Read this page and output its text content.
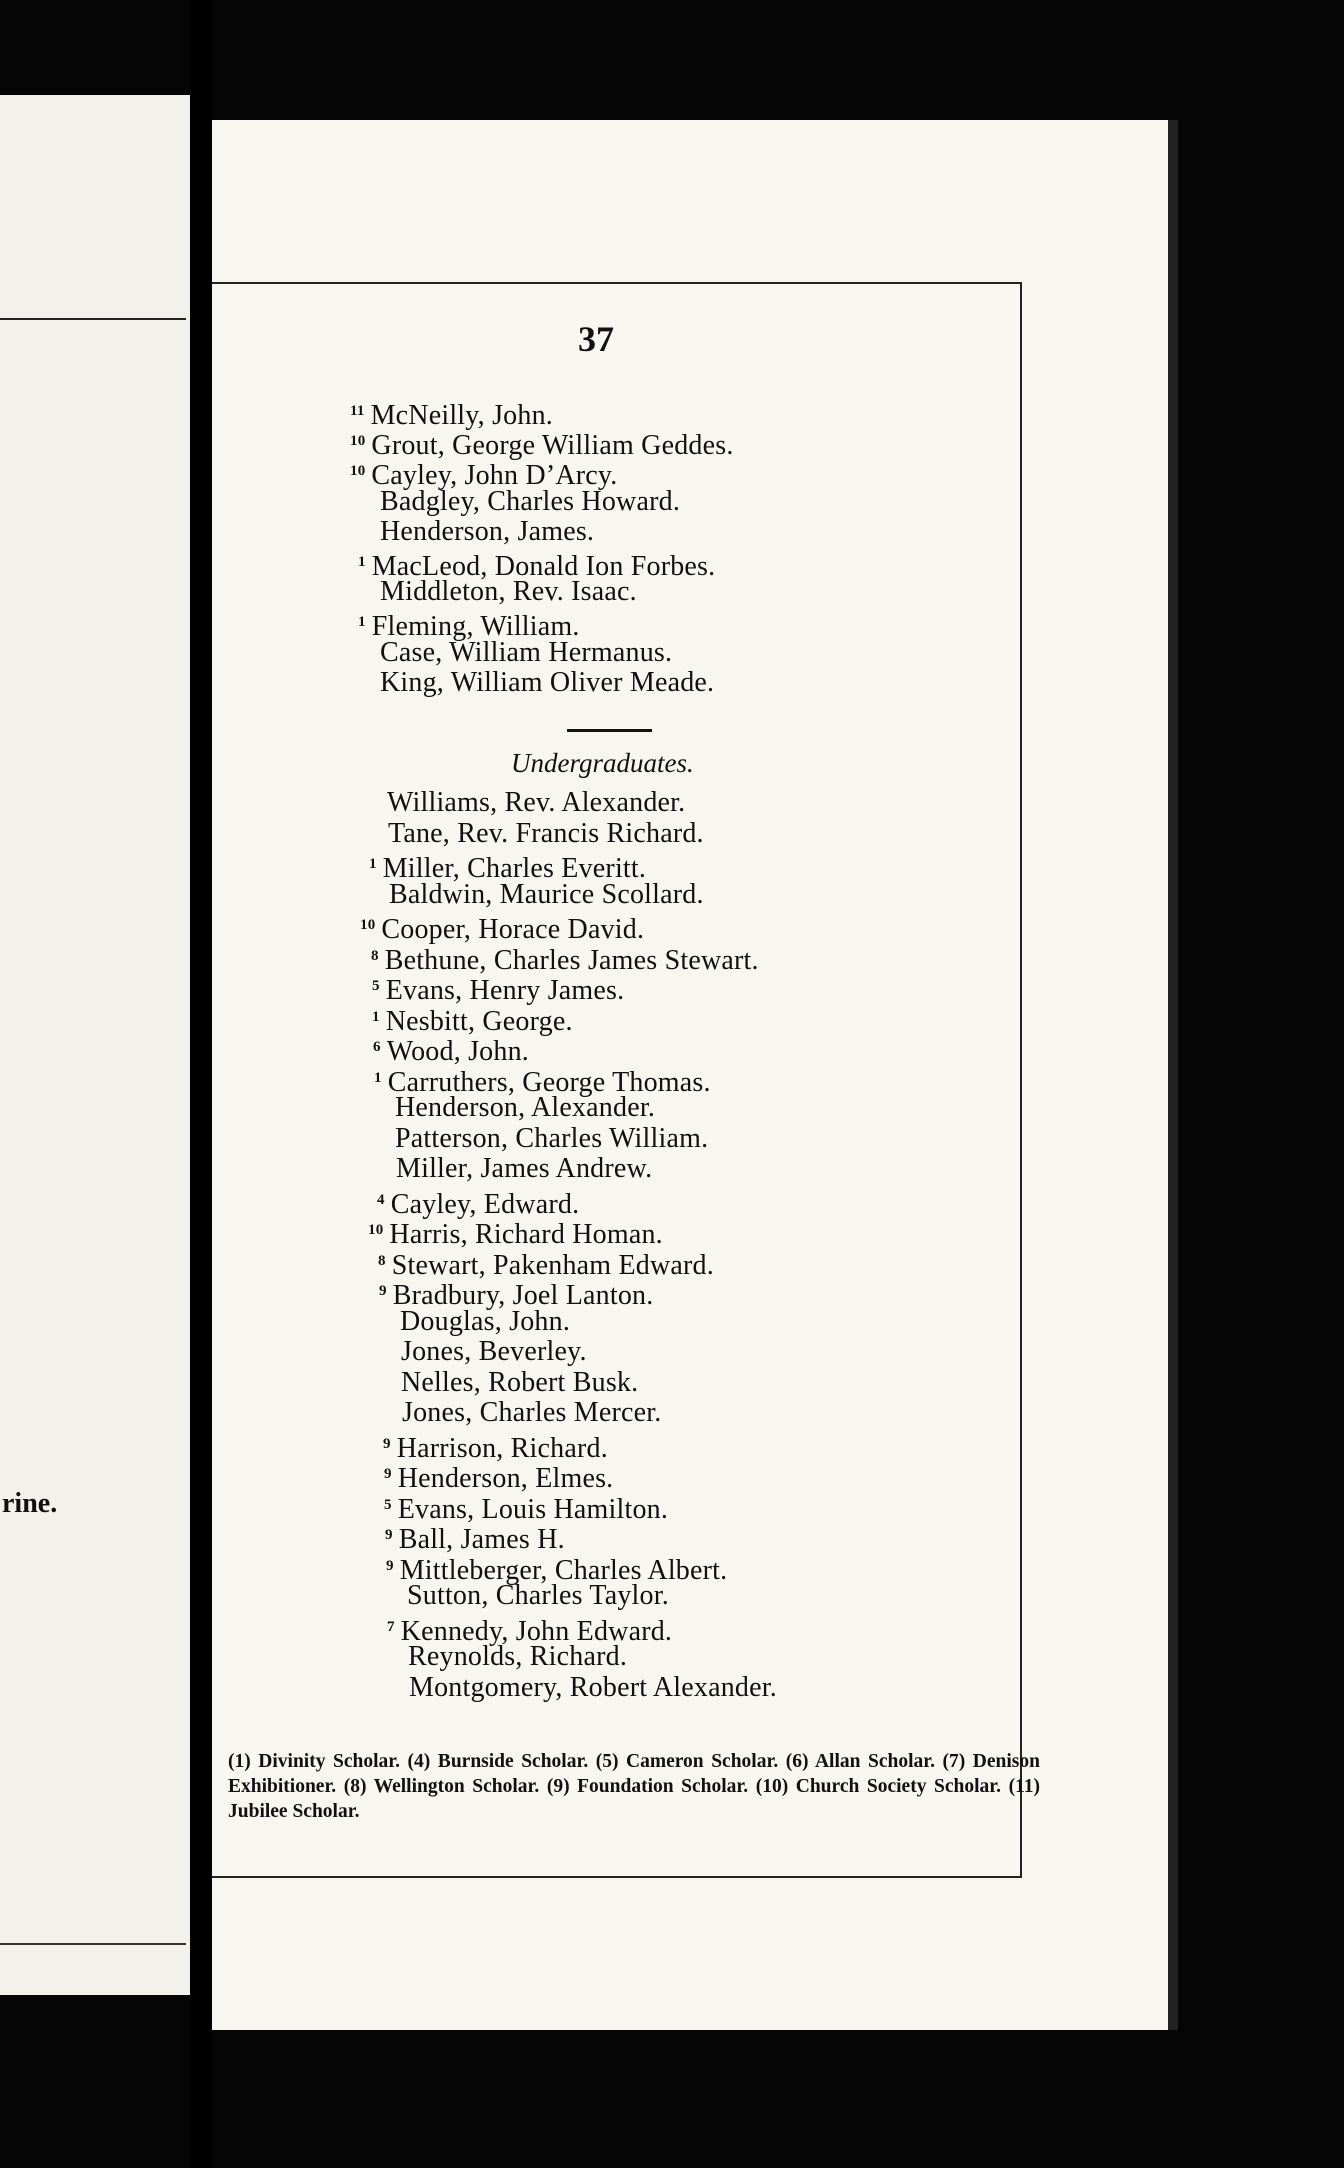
rine.
37
$^{11}$ McNeilly, John.
$^{10}$ Grout, George William Geddes.
$^{10}$ Cayley, John D’Arcy.
Badgley, Charles Howard.
Henderson, James.
$^1$ MacLeod, Donald Ion Forbes.
Middleton, Rev. Isaac.
$^1$ Fleming, William.
Case, William Hermanus.
King, William Oliver Meade.
Undergraduates.
Williams, Rev. Alexander.
Tane, Rev. Francis Richard.
$^1$ Miller, Charles Everitt.
Baldwin, Maurice Scollard.
$^{10}$ Cooper, Horace David.
$^8$ Bethune, Charles James Stewart.
$^5$ Evans, Henry James.
$^1$ Nesbitt, George.
$^6$ Wood, John.
$^1$ Carruthers, George Thomas.
Henderson, Alexander.
Patterson, Charles William.
Miller, James Andrew.
$^4$ Cayley, Edward.
$^{10}$ Harris, Richard Homan.
$^8$ Stewart, Pakenham Edward.
$^9$ Bradbury, Joel Lanton.
Douglas, John.
Jones, Beverley.
Nelles, Robert Busk.
Jones, Charles Mercer.
$^9$ Harrison, Richard.
$^9$ Henderson, Elmes.
$^5$ Evans, Louis Hamilton.
$^9$ Ball, James H.
$^9$ Mittleberger, Charles Albert.
Sutton, Charles Taylor.
$^7$ Kennedy, John Edward.
Reynolds, Richard.
Montgomery, Robert Alexander.
(1) Divinity Scholar. (4) Burnside Scholar. (5) Cameron Scholar. (6) Allan Scholar. (7) Denison Exhibitioner. (8) Wellington Scholar. (9) Foundation Scholar. (10) Church Society Scholar. (11) Jubilee Scholar.
